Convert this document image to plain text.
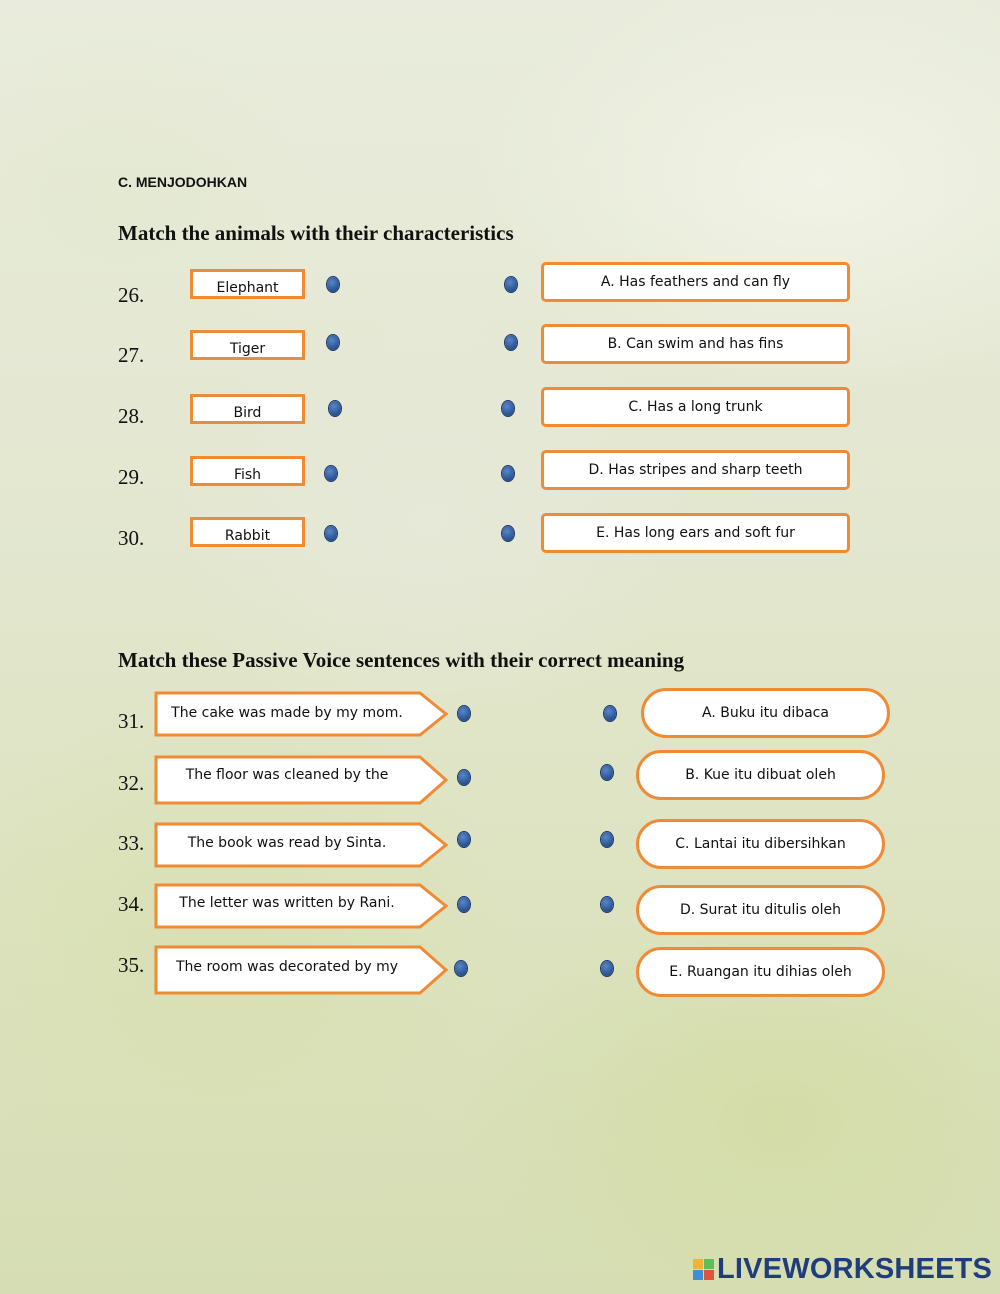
C. MENJODOHKAN
Match the animals with their characteristics
26.	Elephant	A. Has feathers and can fly
27.	Tiger	B. Can swim and has fins
28.	Bird	C. Has a long trunk
29.	Fish	D. Has stripes and sharp teeth
30.	Rabbit	E. Has long ears and soft fur
Match these Passive Voice sentences with their correct meaning
31.	The cake was made by my mom.	A. Buku itu dibaca
32.	The floor was cleaned by the	B. Kue itu dibuat oleh
33.	The book was read by Sinta.	C. Lantai itu dibersihkan
34.	The letter was written by Rani.	D. Surat itu ditulis oleh
35.	The room was decorated by my	E. Ruangan itu dihias oleh
LIVEWORKSHEETS
